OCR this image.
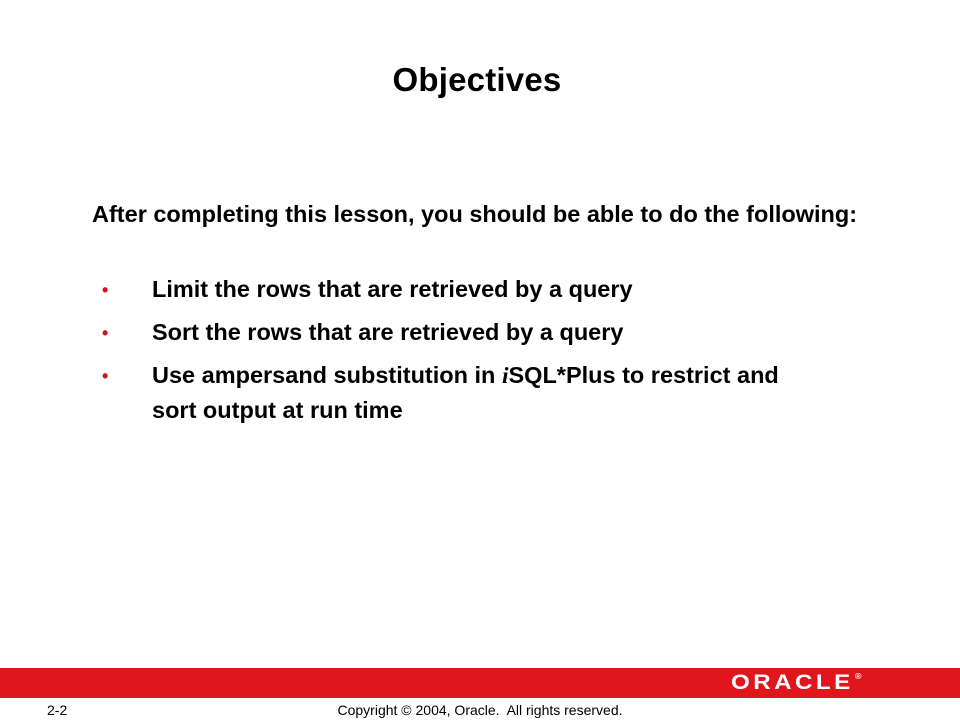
Objectives
After completing this lesson, you should be able to do the following:
• Limit the rows that are retrieved by a query
• Sort the rows that are retrieved by a query
• Use ampersand substitution in iSQL*Plus to restrict and sort output at run time
ORACLE ®
2-2	Copyright © 2004, Oracle.  All rights reserved.
